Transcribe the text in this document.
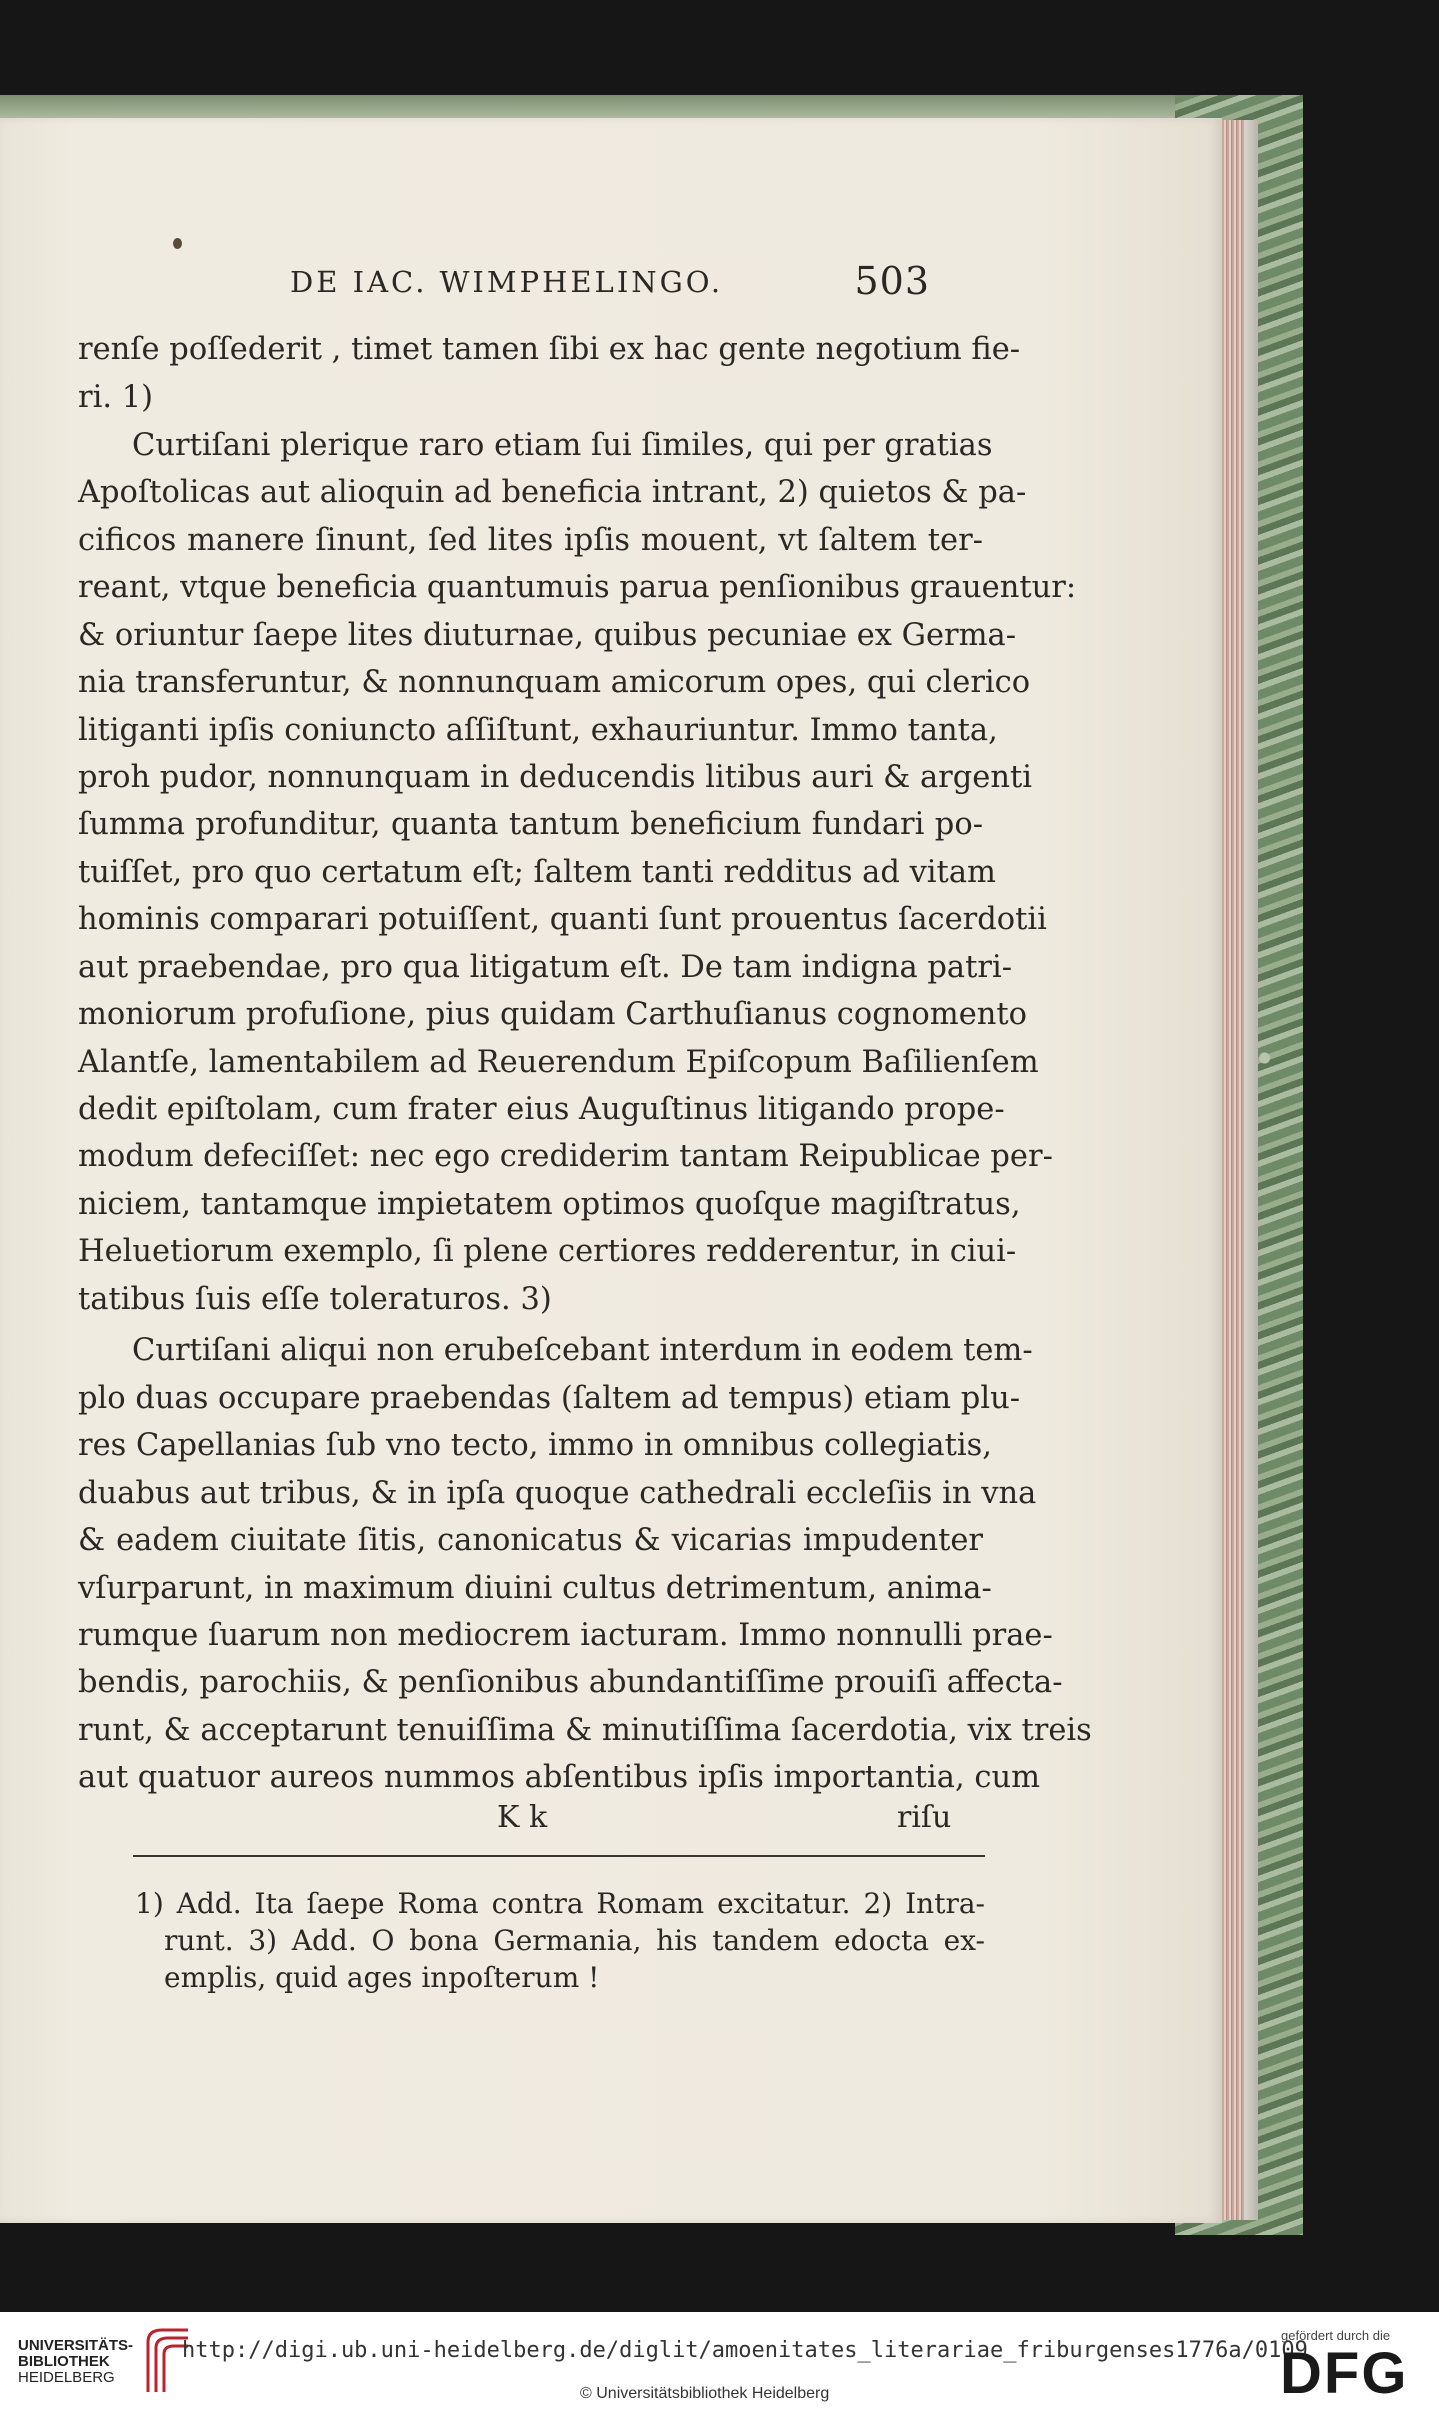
DE IAC. WIMPHELINGO.	503
renſe poſſederit , timet tamen ſibi ex hac gente negotium fie-
ri. 1)
Curtiſani plerique raro etiam ſui ſimiles, qui per gratias
Apoſtolicas aut alioquin ad beneficia intrant, 2) quietos & pa-
cificos manere ſinunt, ſed lites ipſis mouent, vt ſaltem ter-
reant, vtque beneficia quantumuis parua penſionibus grauentur:
& oriuntur ſaepe lites diuturnae, quibus pecuniae ex Germa-
nia transferuntur, & nonnunquam amicorum opes, qui clerico
litiganti ipſis coniuncto aſſiſtunt, exhauriuntur. Immo tanta,
proh pudor, nonnunquam in deducendis litibus auri & argenti
ſumma profunditur, quanta tantum beneficium fundari po-
tuiſſet, pro quo certatum eſt; ſaltem tanti redditus ad vitam
hominis comparari potuiſſent, quanti ſunt prouentus ſacerdotii
aut praebendae, pro qua litigatum eſt. De tam indigna patri-
moniorum profuſione, pius quidam Carthuſianus cognomento
Alantſe, lamentabilem ad Reuerendum Epiſcopum Baſilienſem
dedit epiſtolam, cum frater eius Auguſtinus litigando prope-
modum defeciſſet: nec ego crediderim tantam Reipublicae per-
niciem, tantamque impietatem optimos quoſque magiſtratus,
Heluetiorum exemplo, ſi plene certiores redderentur, in ciui-
tatibus ſuis eſſe toleraturos. 3)
Curtiſani aliqui non erubeſcebant interdum in eodem tem-
plo duas occupare praebendas (ſaltem ad tempus) etiam plu-
res Capellanias ſub vno tecto, immo in omnibus collegiatis,
duabus aut tribus, & in ipſa quoque cathedrali eccleſiis in vna
& eadem ciuitate ſitis, canonicatus & vicarias impudenter
vſurparunt, in maximum diuini cultus detrimentum, anima-
rumque ſuarum non mediocrem iacturam. Immo nonnulli prae-
bendis, parochiis, & penſionibus abundantiſſime prouiſi affecta-
runt, & acceptarunt tenuiſſima & minutiſſima ſacerdotia, vix treis
aut quatuor aureos nummos abſentibus ipſis importantia, cum
K k	riſu
1) Add. Ita ſaepe Roma contra Romam excitatur. 2) Intra-
runt. 3) Add. O bona Germania, his tandem edocta ex-
emplis, quid ages inpoſterum !
UNIVERSITÄTS-
BIBLIOTHEK
HEIDELBERG
http://digi.ub.uni-heidelberg.de/diglit/amoenitates_literariae_friburgenses1776a/0109
© Universitätsbibliothek Heidelberg
gefördert durch die
DFG
